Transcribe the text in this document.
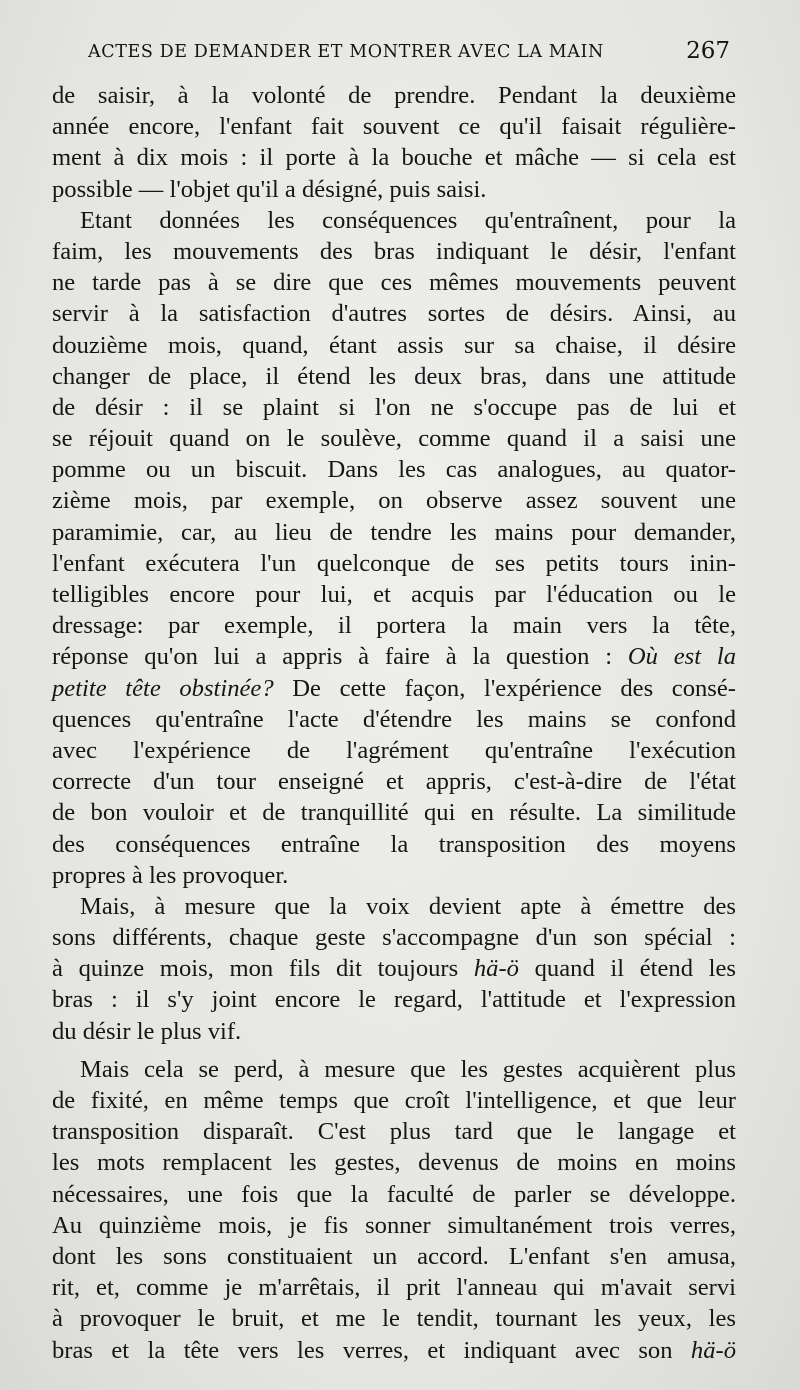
ACTES DE DEMANDER ET MONTRER AVEC LA MAIN	267
de saisir, à la volonté de prendre. Pendant la deuxième
année encore, l'enfant fait souvent ce qu'il faisait régulière-
ment à dix mois : il porte à la bouche et mâche — si cela est
possible — l'objet qu'il a désigné, puis saisi.
Etant données les conséquences qu'entraînent, pour la
faim, les mouvements des bras indiquant le désir, l'enfant
ne tarde pas à se dire que ces mêmes mouvements peuvent
servir à la satisfaction d'autres sortes de désirs. Ainsi, au
douzième mois, quand, étant assis sur sa chaise, il désire
changer de place, il étend les deux bras, dans une attitude
de désir : il se plaint si l'on ne s'occupe pas de lui et
se réjouit quand on le soulève, comme quand il a saisi une
pomme ou un biscuit. Dans les cas analogues, au quator-
zième mois, par exemple, on observe assez souvent une
paramimie, car, au lieu de tendre les mains pour demander,
l'enfant exécutera l'un quelconque de ses petits tours inin-
telligibles encore pour lui, et acquis par l'éducation ou le
dressage: par exemple, il portera la main vers la tête,
réponse qu'on lui a appris à faire à la question : Où est la
petite tête obstinée? De cette façon, l'expérience des consé-
quences qu'entraîne l'acte d'étendre les mains se confond
avec l'expérience de l'agrément qu'entraîne l'exécution
correcte d'un tour enseigné et appris, c'est-à-dire de l'état
de bon vouloir et de tranquillité qui en résulte. La similitude
des conséquences entraîne la transposition des moyens
propres à les provoquer.
Mais, à mesure que la voix devient apte à émettre des
sons différents, chaque geste s'accompagne d'un son spécial :
à quinze mois, mon fils dit toujours hä-ö quand il étend les
bras : il s'y joint encore le regard, l'attitude et l'expression
du désir le plus vif.
Mais cela se perd, à mesure que les gestes acquièrent plus
de fixité, en même temps que croît l'intelligence, et que leur
transposition disparaît. C'est plus tard que le langage et
les mots remplacent les gestes, devenus de moins en moins
nécessaires, une fois que la faculté de parler se développe.
Au quinzième mois, je fis sonner simultanément trois verres,
dont les sons constituaient un accord. L'enfant s'en amusa,
rit, et, comme je m'arrêtais, il prit l'anneau qui m'avait servi
à provoquer le bruit, et me le tendit, tournant les yeux, les
bras et la tête vers les verres, et indiquant avec son hä-ö
